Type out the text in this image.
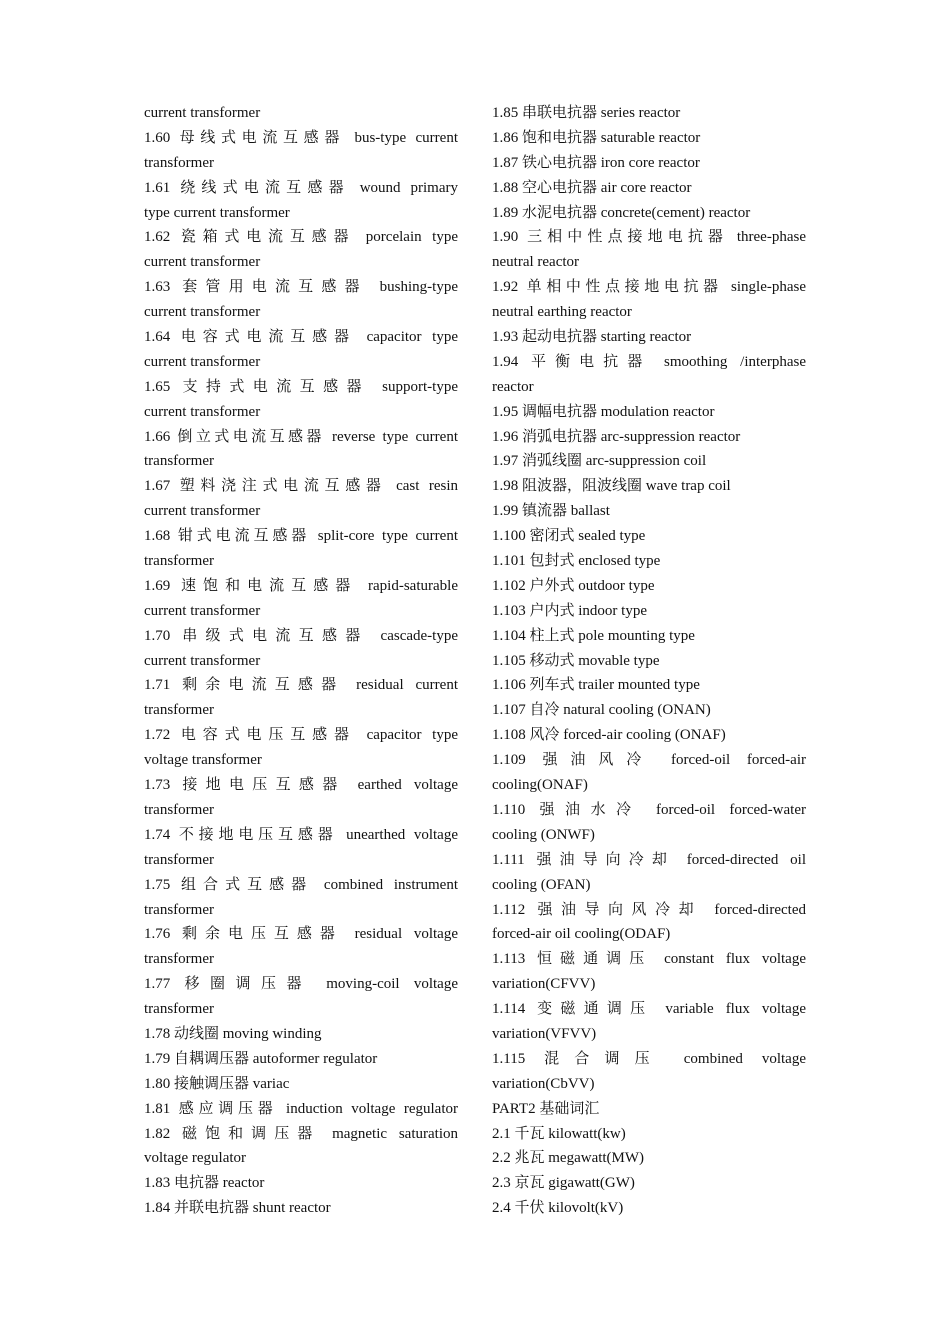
current transformer
1.60 母线式电流互感器 bus-type current
transformer
1.61 绕线式电流互感器 wound primary
type current transformer
1.62 瓷箱式电流互感器 porcelain type
current transformer
1.63 套管用电流互感器 bushing-type
current transformer
1.64 电容式电流互感器 capacitor type
current transformer
1.65 支持式电流互感器 support-type
current transformer
1.66 倒立式电流互感器 reverse type current
transformer
1.67 塑料浇注式电流互感器 cast resin
current transformer
1.68 钳式电流互感器 split-core type current
transformer
1.69 速饱和电流互感器 rapid-saturable
current transformer
1.70 串级式电流互感器 cascade-type
current transformer
1.71 剩余电流互感器 residual current
transformer
1.72 电容式电压互感器 capacitor type
voltage transformer
1.73 接地电压互感器 earthed voltage
transformer
1.74 不接地电压互感器 unearthed voltage
transformer
1.75 组合式互感器 combined instrument
transformer
1.76 剩余电压互感器 residual voltage
transformer
1.77 移圈调压器 moving-coil voltage
transformer
1.78 动线圈 moving winding
1.79 自耦调压器 autoformer regulator
1.80 接触调压器 variac
1.81 感应调压器 induction voltage regulator
1.82 磁饱和调压器 magnetic saturation
voltage regulator
1.83 电抗器 reactor
1.84 并联电抗器 shunt reactor
1.85 串联电抗器 series reactor
1.86 饱和电抗器 saturable reactor
1.87 铁心电抗器 iron core reactor
1.88 空心电抗器 air core reactor
1.89 水泥电抗器 concrete(cement) reactor
1.90 三相中性点接地电抗器 three-phase
neutral reactor
1.92 单相中性点接地电抗器 single-phase
neutral earthing reactor
1.93 起动电抗器 starting reactor
1.94 平衡电抗器 smoothing /interphase
reactor
1.95 调幅电抗器 modulation reactor
1.96 消弧电抗器 arc-suppression reactor
1.97 消弧线圈 arc-suppression coil
1.98 阻波器，阻波线圈 wave trap coil
1.99 镇流器 ballast
1.100 密闭式 sealed type
1.101 包封式 enclosed type
1.102 户外式 outdoor type
1.103 户内式 indoor type
1.104 柱上式 pole mounting type
1.105 移动式 movable type
1.106 列车式 trailer mounted type
1.107 自冷 natural cooling (ONAN)
1.108 风冷 forced-air cooling (ONAF)
1.109 强油风冷 forced-oil forced-air
cooling(ONAF)
1.110 强油水冷 forced-oil forced-water
cooling (ONWF)
1.111 强油导向冷却 forced-directed oil
cooling (OFAN)
1.112 强油导向风冷却 forced-directed
forced-air oil cooling(ODAF)
1.113 恒磁通调压 constant flux voltage
variation(CFVV)
1.114 变磁通调压 variable flux voltage
variation(VFVV)
1.115 混合调压 combined voltage
variation(CbVV)
PART2 基础词汇
2.1 千瓦 kilowatt(kw)
2.2 兆瓦 megawatt(MW)
2.3 京瓦 gigawatt(GW)
2.4 千伏 kilovolt(kV)
